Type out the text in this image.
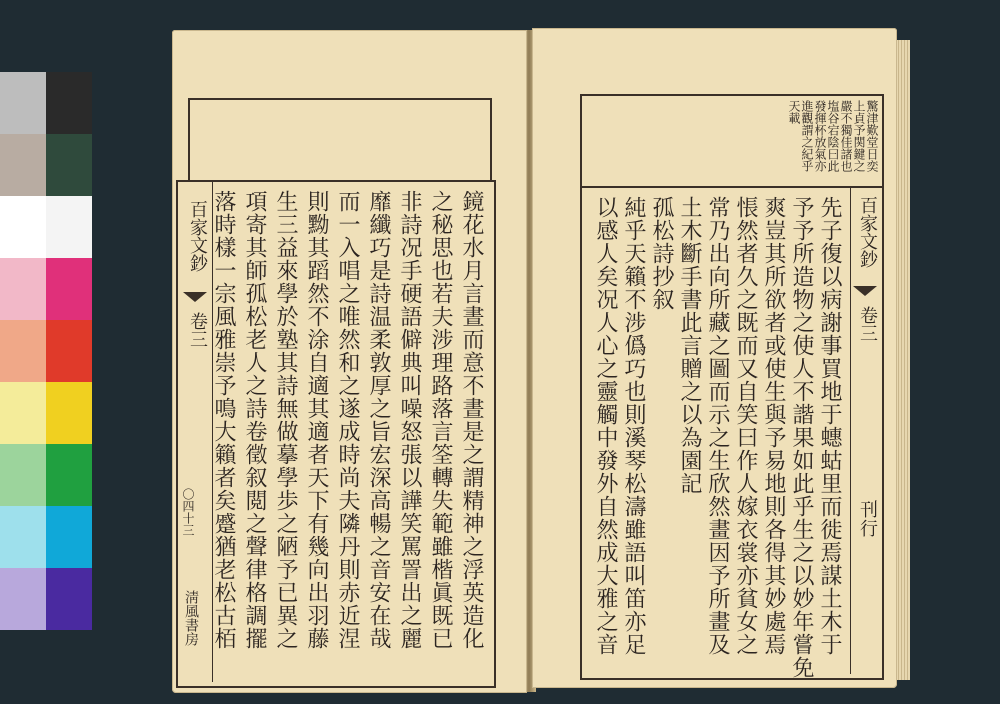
百家文鈔
卷三
〇四十三
淸風書房	鏡花水月言晝而意不晝是之謂精神之浮英造化
之秘思也若夫涉理路落言筌轉失範雖楷眞既已
非詩况手硬語僻典叫噪怒張以譁笑罵詈出之麗
靡纖巧是詩温柔敦厚之旨宏深高暢之音安在哉
而一入唱之唯然和之遂成時尚夫隣丹則赤近涅
則黝其蹈然不涂自適其適者天下有幾向出羽藤
生三益來學於塾其詩無做摹學歩之陋予已異之
項寄其師孤松老人之詩卷徵叙閲之聲律格調擺
落時樣一宗風雅崇予鳴大籟者矣蹙猶老松古栢
驚津歎堂日奕
上貞予関鍵之
嚴不獨佳諸也
塩谷宕陰曰此
發揮杯放氣亦
進觀謂之紀乎
天載
百家文鈔
卷三
刊行
先子復以病謝事買地于蟪蛄里而徙焉謀土木于
予予所造物之使人不諧果如此乎生之以妙年嘗免
爽豈其所欲者或使生與予易地則各得其妙處焉
悵然者久之既而又自笑曰作人嫁衣裳亦貧女之
常乃出向所藏之圖而示之生欣然畫因予所畫及
土木斷手書此言贈之以為園記
孤松詩抄叙
純乎天籟不涉僞巧也則溪琴松濤雖語叫笛亦足
以感人矣况人心之靈觸中發外自然成大雅之音
